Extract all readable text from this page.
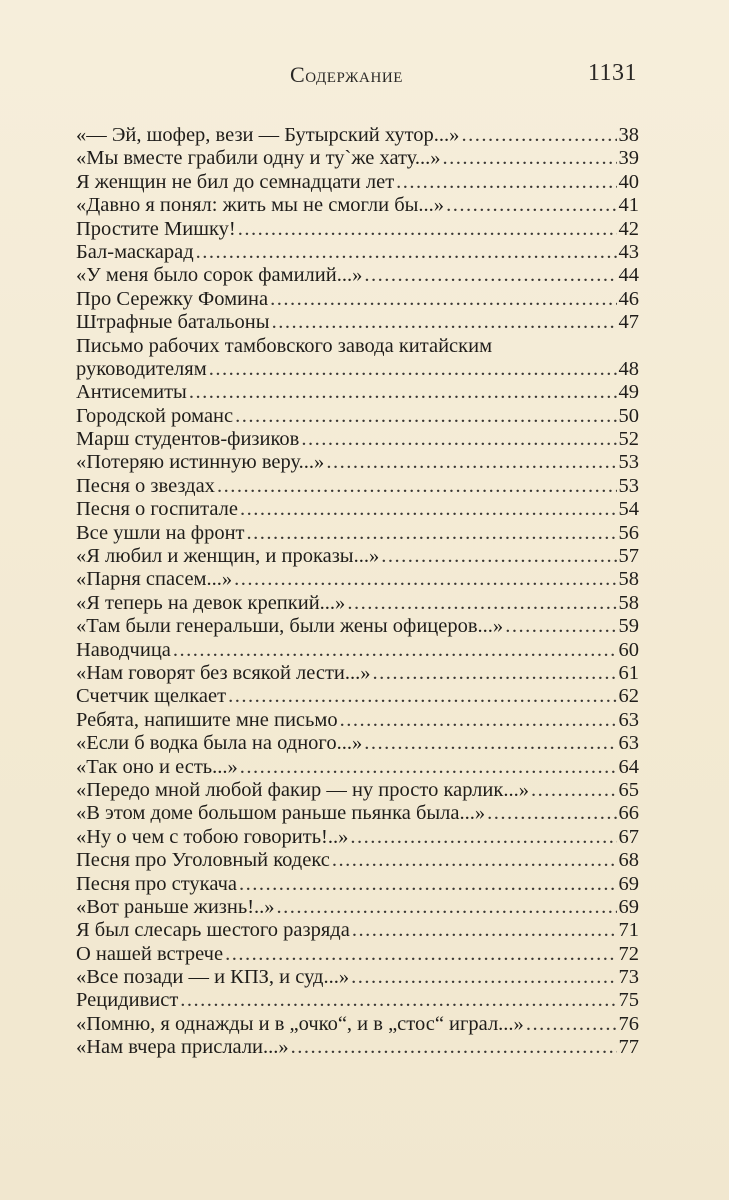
Содержание	1131
«— Эй, шофер, вези — Бутырский хутор...» .....	38
«Мы вместе грабили одну и ту`же хату...» .....	39
Я женщин не бил до семнадцати лет .....	40
«Давно я понял: жить мы не смогли бы...» .....	41
Простите Мишку! .....	42
Бал-маскарад .....	43
«У меня было сорок фамилий...» .....	44
Про Сережку Фомина .....	46
Штрафные батальоны .....	47
Письмо рабочих тамбовского завода китайским
руководителям .....	48
Антисемиты .....	49
Городской романс .....	50
Марш студентов-физиков .....	52
«Потеряю истинную веру...» .....	53
Песня о звездах .....	53
Песня о госпитале .....	54
Все ушли на фронт .....	56
«Я любил и женщин, и проказы...» .....	57
«Парня спасем...» .....	58
«Я теперь на девок крепкий...» .....	58
«Там были генеральши, были жены офицеров...» .....	59
Наводчица .....	60
«Нам говорят без всякой лести...» .....	61
Счетчик щелкает .....	62
Ребята, напишите мне письмо .....	63
«Если б водка была на одного...» .....	63
«Так оно и есть...» .....	64
«Передо мной любой факир — ну просто карлик...» .....	65
«В этом доме большом раньше пьянка была...» .....	66
«Ну о чем с тобою говорить!..» .....	67
Песня про Уголовный кодекс .....	68
Песня про стукача .....	69
«Вот раньше жизнь!..» .....	69
Я был слесарь шестого разряда .....	71
О нашей встрече .....	72
«Все позади — и КПЗ, и суд...» .....	73
Рецидивист .....	75
«Помню, я однажды и в „очко“, и в „стос“ играл...» .....	76
«Нам вчера прислали...» .....	77
